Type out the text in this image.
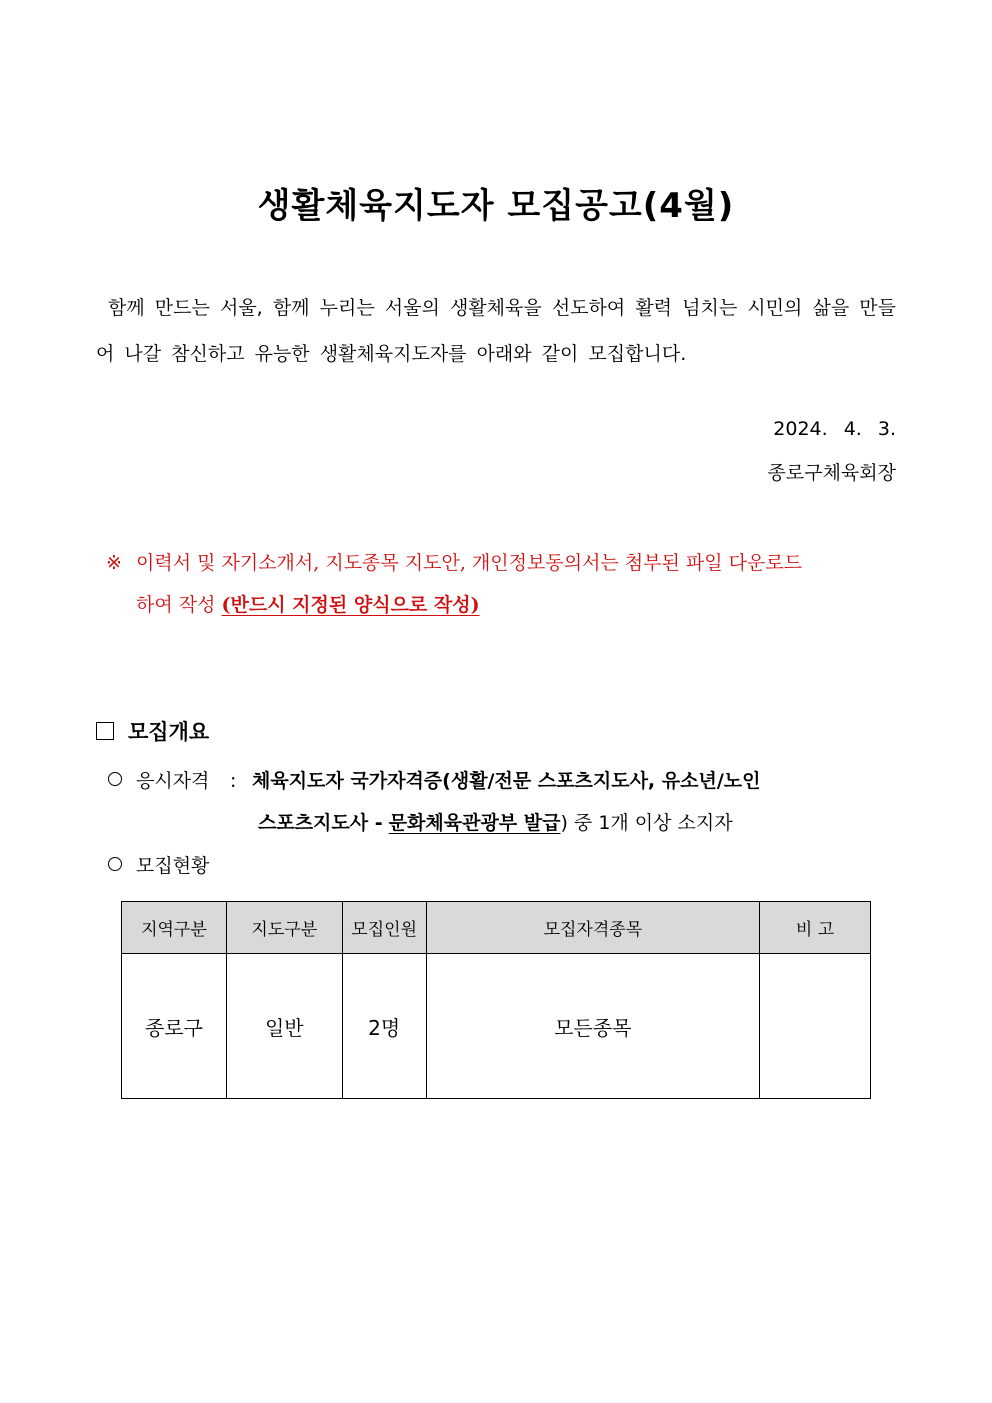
생활체육지도자 모집공고(4월)
함께 만드는 서울, 함께 누리는 서울의 생활체육을 선도하여 활력 넘치는 시민의 삶을 만들어 나갈 참신하고 유능한 생활체육지도자를 아래와 같이 모집합니다.
2024. 4. 3.
종로구체육회장
※ 이력서 및 자기소개서, 지도종목 지도안, 개인정보동의서는 첨부된 파일 다운로드
하여 작성 (반드시 지정된 양식으로 작성)
모집개요
응시자격 : 체육지도자 국가자격증(생활/전문 스포츠지도사, 유소년/노인
스포츠지도사 - 문화체육관광부 발급) 중 1개 이상 소지자
모집현황
지역구분	지도구분	모집인원	모집자격종목	비 고
종로구	일반	2명	모든종목	
